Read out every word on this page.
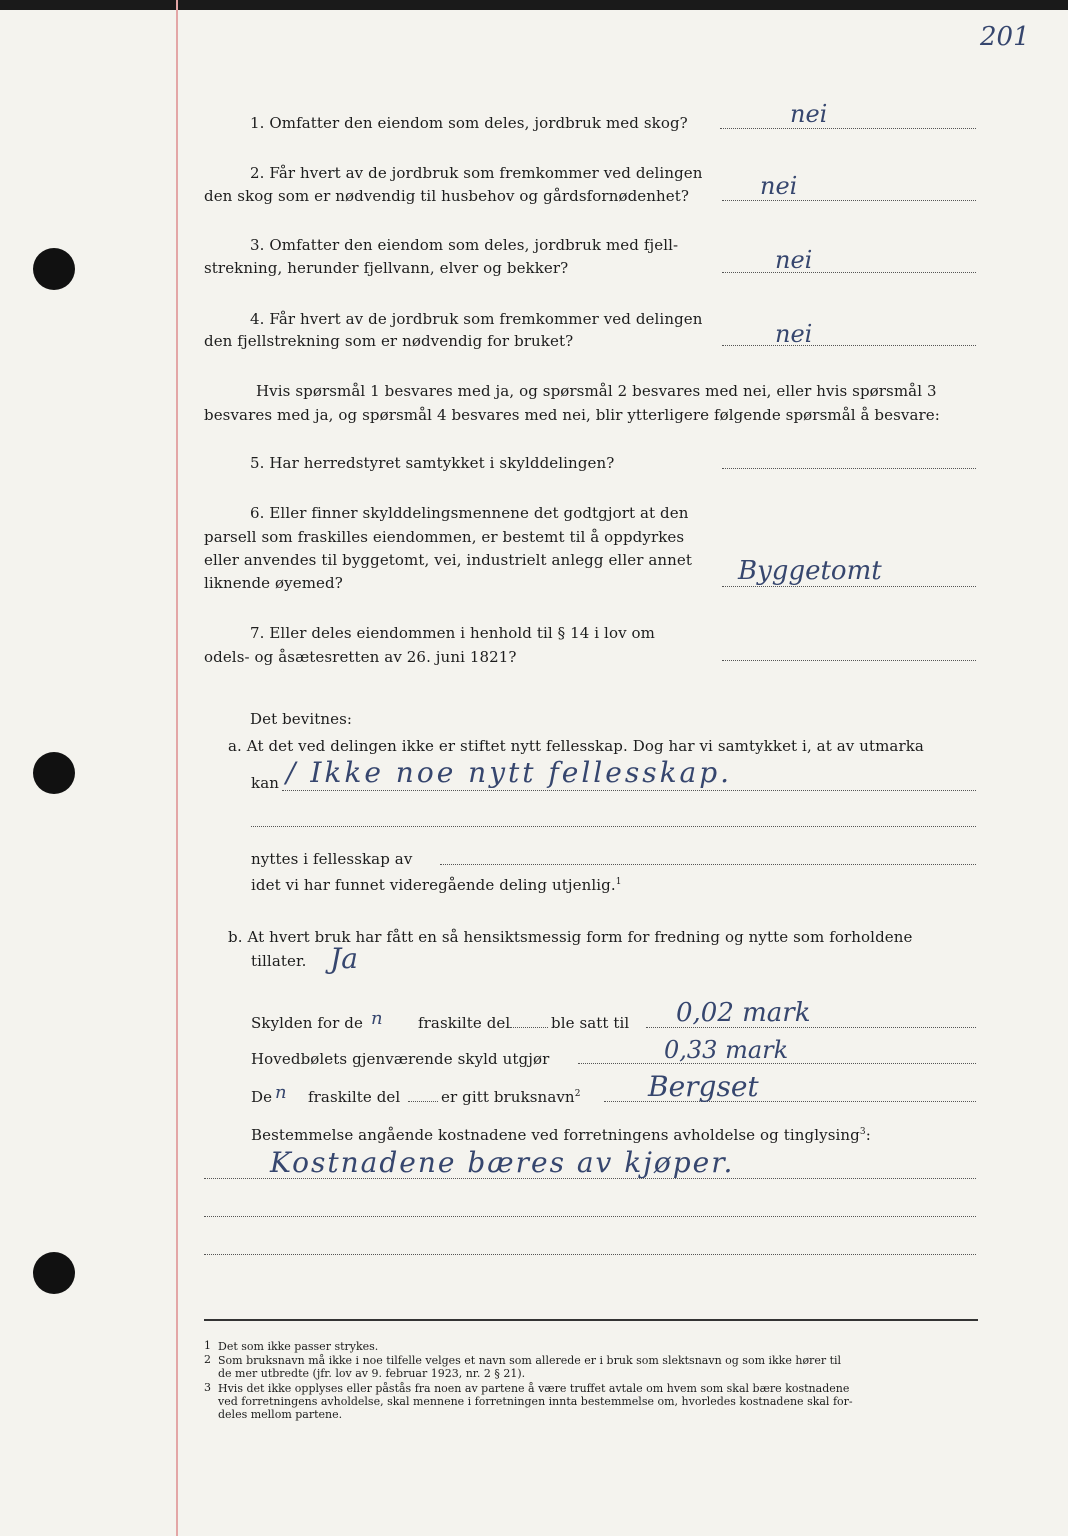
201
1. Omfatter den eiendom som deles, jordbruk med skog?	nei
2. Får hvert av de jordbruk som fremkommer ved delingen
den skog som er nødvendig til husbehov og gårdsfornødenhet?	nei
3. Omfatter den eiendom som deles, jordbruk med fjell-
strekning, herunder fjellvann, elver og bekker?	nei
4. Får hvert av de jordbruk som fremkommer ved delingen
den fjellstrekning som er nødvendig for bruket?	nei
Hvis spørsmål 1 besvares med ja, og spørsmål 2 besvares med nei, eller hvis spørsmål 3
besvares med ja, og spørsmål 4 besvares med nei, blir ytterligere følgende spørsmål å besvare:
5. Har herredstyret samtykket i skylddelingen?
6. Eller finner skylddelingsmennene det godtgjort at den
parsell som fraskilles eiendommen, er bestemt til å oppdyrkes
eller anvendes til byggetomt, vei, industrielt anlegg eller annet
liknende øyemed?	Byggetomt
7. Eller deles eiendommen i henhold til § 14 i lov om
odels- og åsætesretten av 26. juni 1821?
Det bevitnes:
a. At det ved delingen ikke er stiftet nytt fellesskap. Dog har vi samtykket i, at av utmarka
kan / Ikke noe nytt fellesskap.
nyttes i fellesskap av
idet vi har funnet videregående deling utjenlig.$^1$
b. At hvert bruk har fått en så hensiktsmessig form for fredning og nytte som forholdene
tillater. Ja
Skylden for de n fraskilte del	ble satt til 0,02 mark
Hovedbølets gjenværende skyld utgjør	0,33 mark
De n fraskilte del	er gitt bruksnavn$^2$ Bergset
Bestemmelse angående kostnadene ved forretningens avholdelse og tinglysing$^3$:
Kostnadene bæres av kjøper.
1 Det som ikke passer strykes.
2 Som bruksnavn må ikke i noe tilfelle velges et navn som allerede er i bruk som slektsnavn og som ikke hører til
de mer utbredte (jfr. lov av 9. februar 1923, nr. 2 § 21).
3 Hvis det ikke opplyses eller påstås fra noen av partene å være truffet avtale om hvem som skal bære kostnadene
ved forretningens avholdelse, skal mennene i forretningen innta bestemmelse om, hvorledes kostnadene skal for-
deles mellom partene.
